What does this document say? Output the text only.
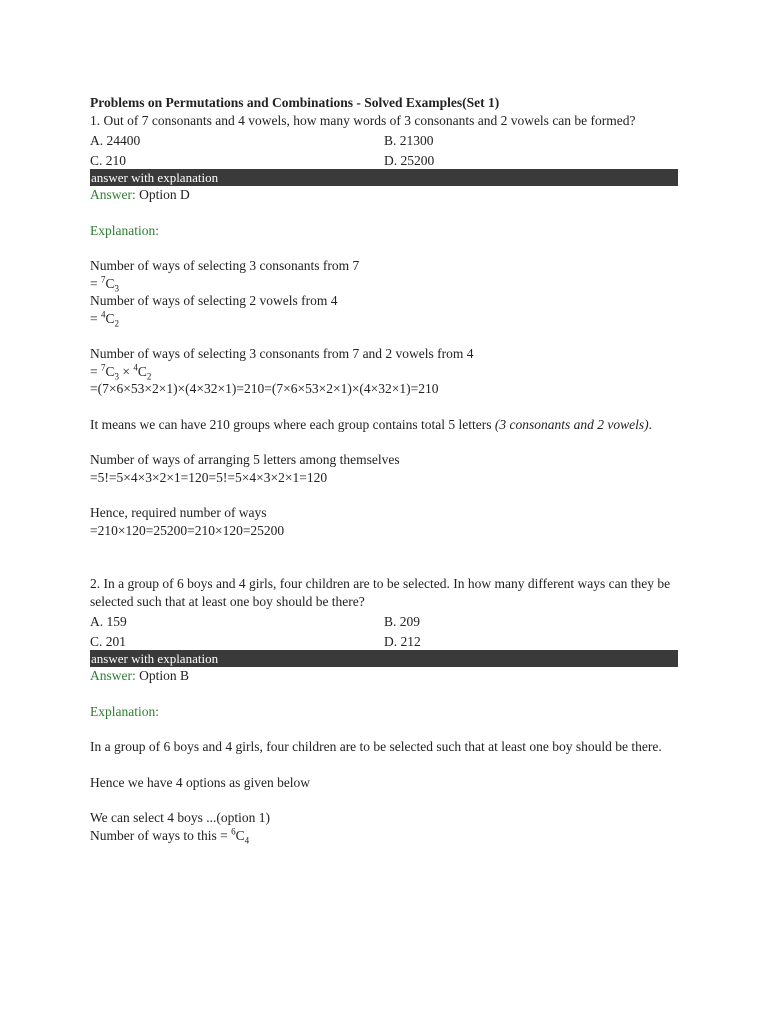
Problems on Permutations and Combinations - Solved Examples(Set 1)

1. Out of 7 consonants and 4 vowels, how many words of 3 consonants and 2 vowels can be formed?

A. 24400	B. 21300
C. 210	D. 25200
answer with explanation

Answer: Option D

Explanation:

Number of ways of selecting 3 consonants from 7

= $^7C_3$

Number of ways of selecting 2 vowels from 4

= $^4C_2$

Number of ways of selecting 3 consonants from 7 and 2 vowels from 4

= $^7C_3 \times ^4C_2$

=(7×6×53×2×1)×(4×32×1)=210=(7×6×53×2×1)×(4×32×1)=210

It means we can have 210 groups where each group contains total 5 letters (3 consonants and 2 vowels).

Number of ways of arranging 5 letters among themselves

=5!=5×4×3×2×1=120=5!=5×4×3×2×1=120

Hence, required number of ways

=210×120=25200=210×120=25200

2. In a group of 6 boys and 4 girls, four children are to be selected. In how many different ways can they be selected such that at least one boy should be there?

A. 159	B. 209
C. 201	D. 212
answer with explanation

Answer: Option B

Explanation:

In a group of 6 boys and 4 girls, four children are to be selected such that at least one boy should be there.

Hence we have 4 options as given below

We can select 4 boys ...(option 1)

Number of ways to this = $^6C_4$
